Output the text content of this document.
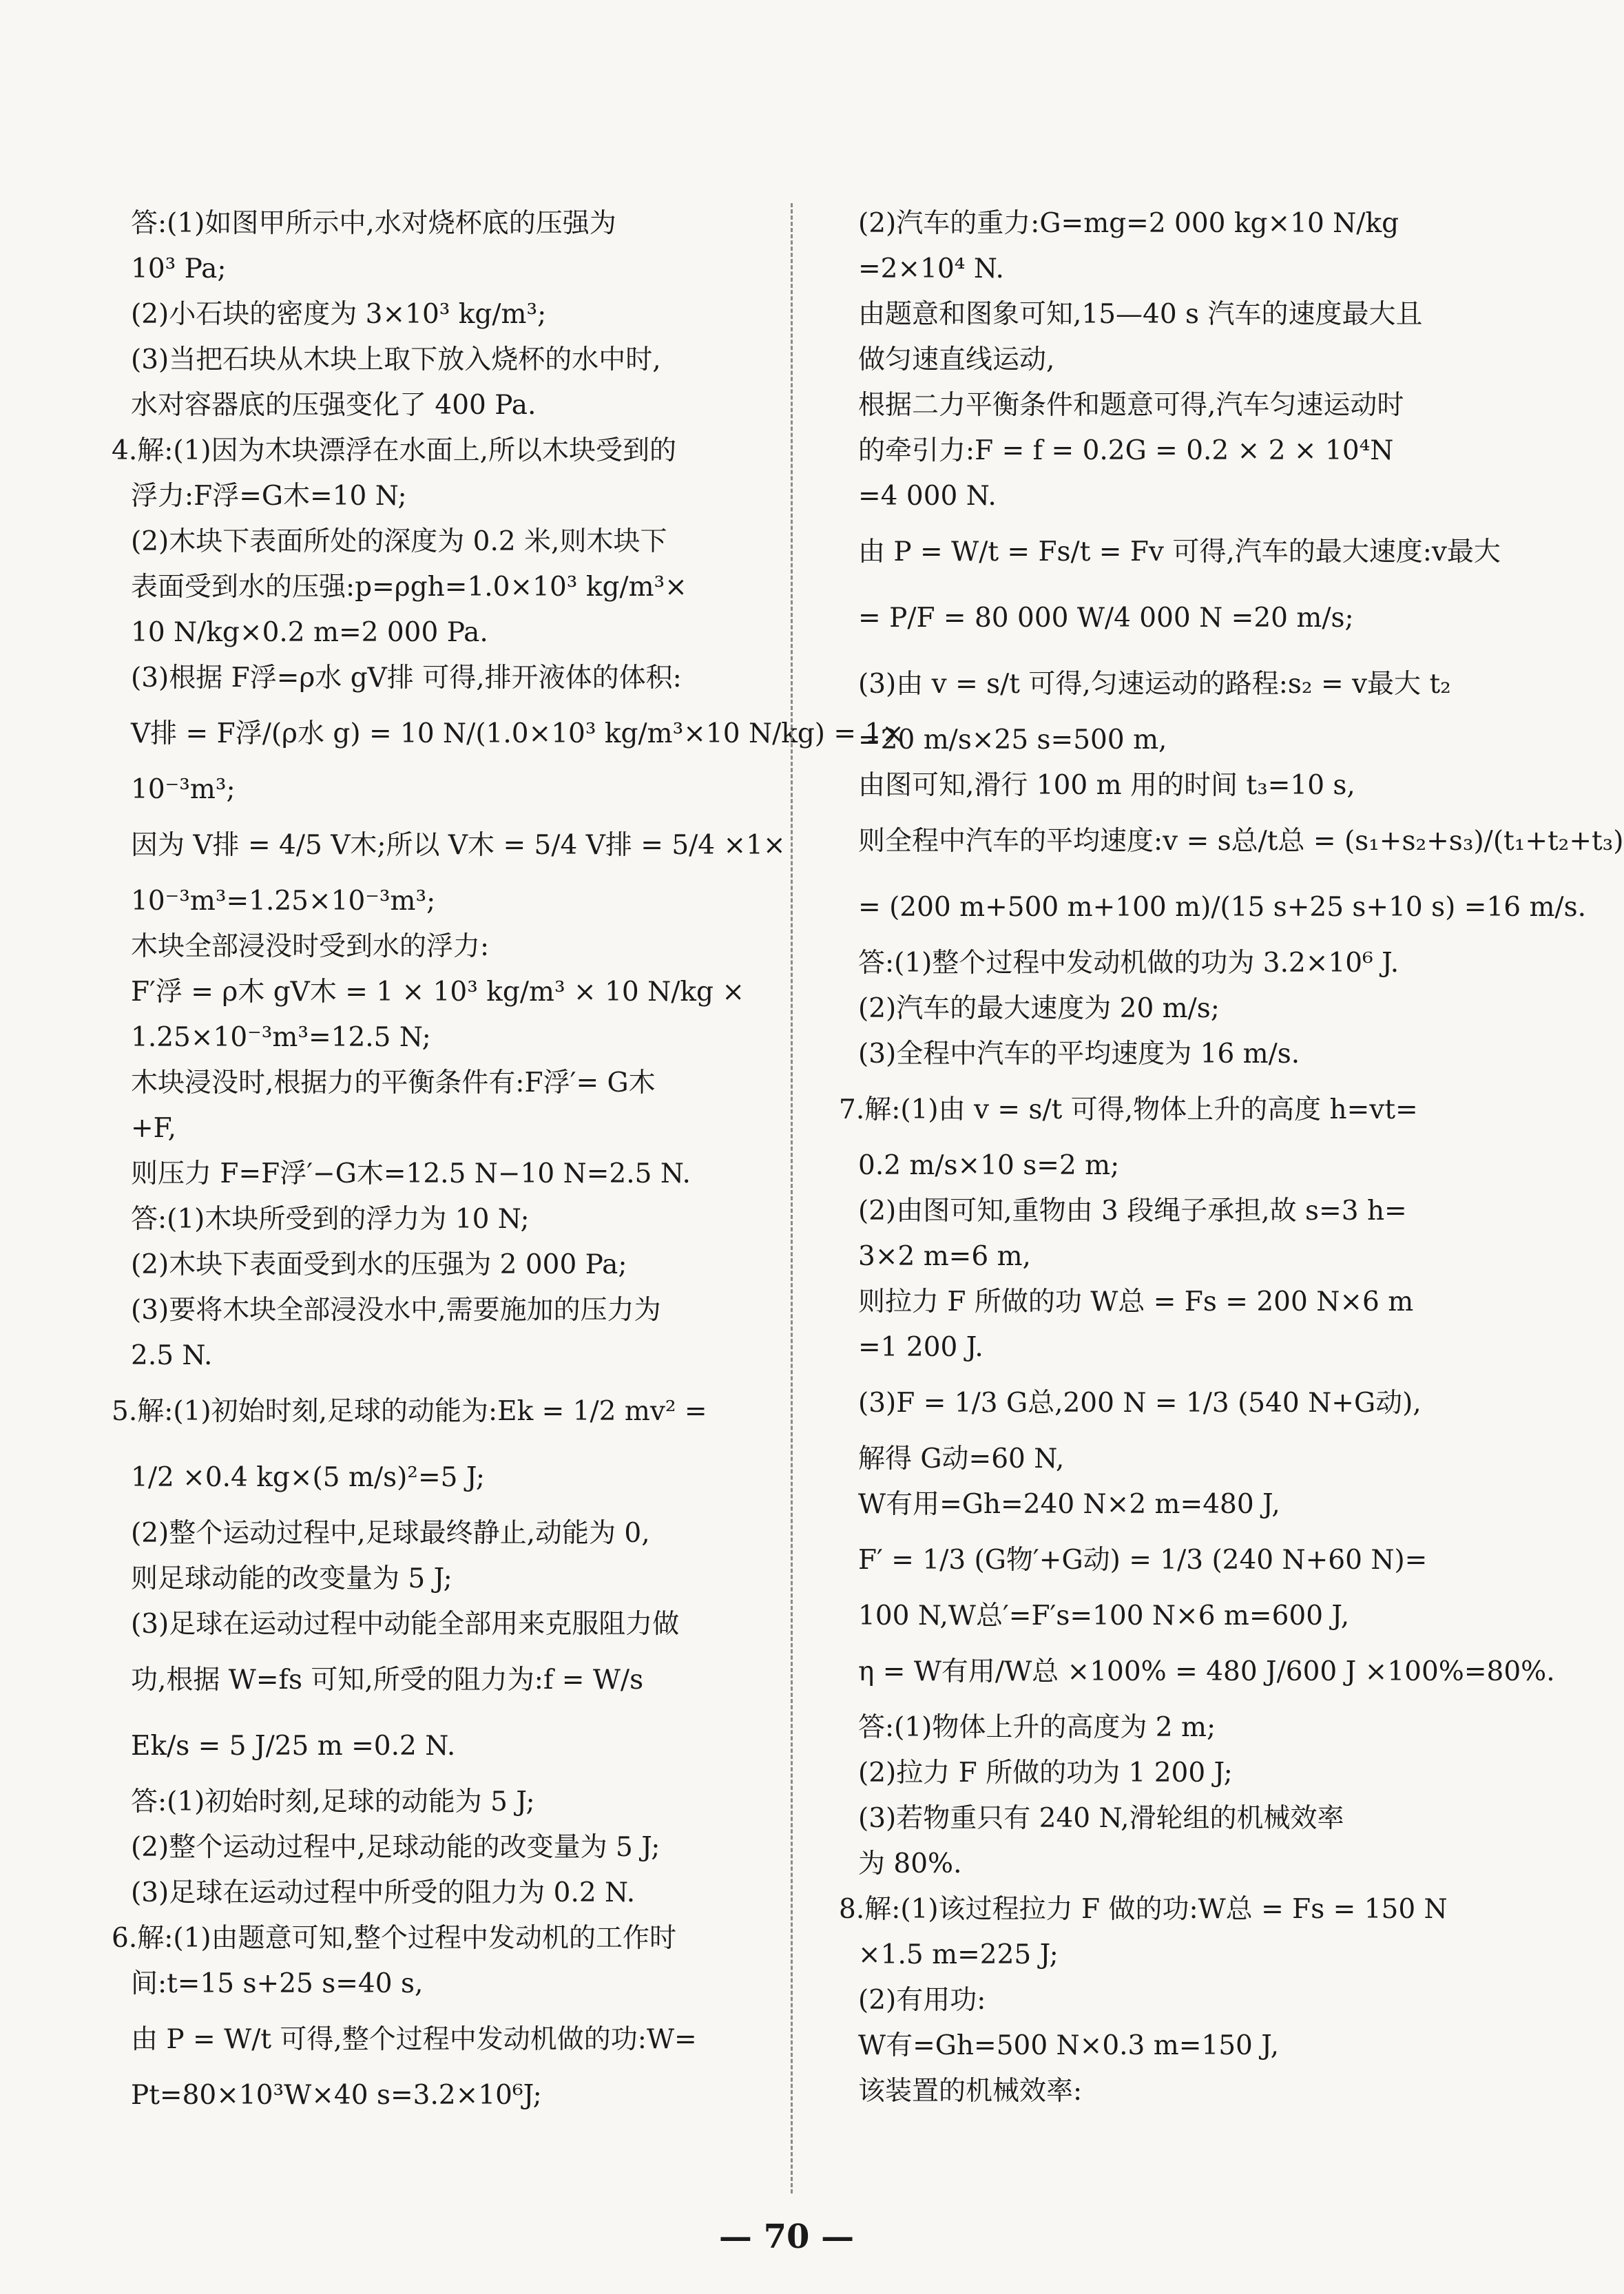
答:(1)如图甲所示中,水对烧杯底的压强为
10³ Pa;
(2)小石块的密度为 3×10³ kg/m³;
(3)当把石块从木块上取下放入烧杯的水中时,
水对容器底的压强变化了 400 Pa.
4.解:(1)因为木块漂浮在水面上,所以木块受到的
浮力:F浮=G木=10 N;
(2)木块下表面所处的深度为 0.2 米,则木块下
表面受到水的压强:p=ρgh=1.0×10³ kg/m³×
10 N/kg×0.2 m=2 000 Pa.
(3)根据 F浮=ρ水 gV排 可得,排开液体的体积:
V排 = F浮/(ρ水 g) = 10 N/(1.0×10³ kg/m³×10 N/kg) = 1×
10⁻³m³;
因为 V排 = 4/5 V木;所以 V木 = 5/4 V排 = 5/4 ×1×
10⁻³m³=1.25×10⁻³m³;
木块全部浸没时受到水的浮力:
F′浮 = ρ木 gV木 = 1 × 10³ kg/m³ × 10 N/kg ×
1.25×10⁻³m³=12.5 N;
木块浸没时,根据力的平衡条件有:F浮′= G木
+F,
则压力 F=F浮′−G木=12.5 N−10 N=2.5 N.
答:(1)木块所受到的浮力为 10 N;
(2)木块下表面受到水的压强为 2 000 Pa;
(3)要将木块全部浸没水中,需要施加的压力为
2.5 N.
5.解:(1)初始时刻,足球的动能为:Ek = 1/2 mv² =
1/2 ×0.4 kg×(5 m/s)²=5 J;
(2)整个运动过程中,足球最终静止,动能为 0,
则足球动能的改变量为 5 J;
(3)足球在运动过程中动能全部用来克服阻力做
功,根据 W=fs 可知,所受的阻力为:f = W/s
Ek/s = 5 J/25 m =0.2 N.
答:(1)初始时刻,足球的动能为 5 J;
(2)整个运动过程中,足球动能的改变量为 5 J;
(3)足球在运动过程中所受的阻力为 0.2 N.
6.解:(1)由题意可知,整个过程中发动机的工作时
间:t=15 s+25 s=40 s,
由 P = W/t 可得,整个过程中发动机做的功:W=
Pt=80×10³W×40 s=3.2×10⁶J;
(2)汽车的重力:G=mg=2 000 kg×10 N/kg
=2×10⁴ N.
由题意和图象可知,15—40 s 汽车的速度最大且
做匀速直线运动,
根据二力平衡条件和题意可得,汽车匀速运动时
的牵引力:F = f = 0.2G = 0.2 × 2 × 10⁴N
=4 000 N.
由 P = W/t = Fs/t = Fv 可得,汽车的最大速度:v最大
= P/F = 80 000 W/4 000 N =20 m/s;
(3)由 v = s/t 可得,匀速运动的路程:s₂ = v最大 t₂
=20 m/s×25 s=500 m,
由图可知,滑行 100 m 用的时间 t₃=10 s,
则全程中汽车的平均速度:v = s总/t总 = (s₁+s₂+s₃)/(t₁+t₂+t₃)
= (200 m+500 m+100 m)/(15 s+25 s+10 s) =16 m/s.
答:(1)整个过程中发动机做的功为 3.2×10⁶ J.
(2)汽车的最大速度为 20 m/s;
(3)全程中汽车的平均速度为 16 m/s.
7.解:(1)由 v = s/t 可得,物体上升的高度 h=vt=
0.2 m/s×10 s=2 m;
(2)由图可知,重物由 3 段绳子承担,故 s=3 h=
3×2 m=6 m,
则拉力 F 所做的功 W总 = Fs = 200 N×6 m
=1 200 J.
(3)F = 1/3 G总,200 N = 1/3 (540 N+G动),
解得 G动=60 N,
W有用=Gh=240 N×2 m=480 J,
F′ = 1/3 (G物′+G动) = 1/3 (240 N+60 N)=
100 N,W总′=F′s=100 N×6 m=600 J,
η = W有用/W总 ×100% = 480 J/600 J ×100%=80%.
答:(1)物体上升的高度为 2 m;
(2)拉力 F 所做的功为 1 200 J;
(3)若物重只有 240 N,滑轮组的机械效率
为 80%.
8.解:(1)该过程拉力 F 做的功:W总 = Fs = 150 N
×1.5 m=225 J;
(2)有用功:
W有=Gh=500 N×0.3 m=150 J,
该装置的机械效率:
— 70 —
